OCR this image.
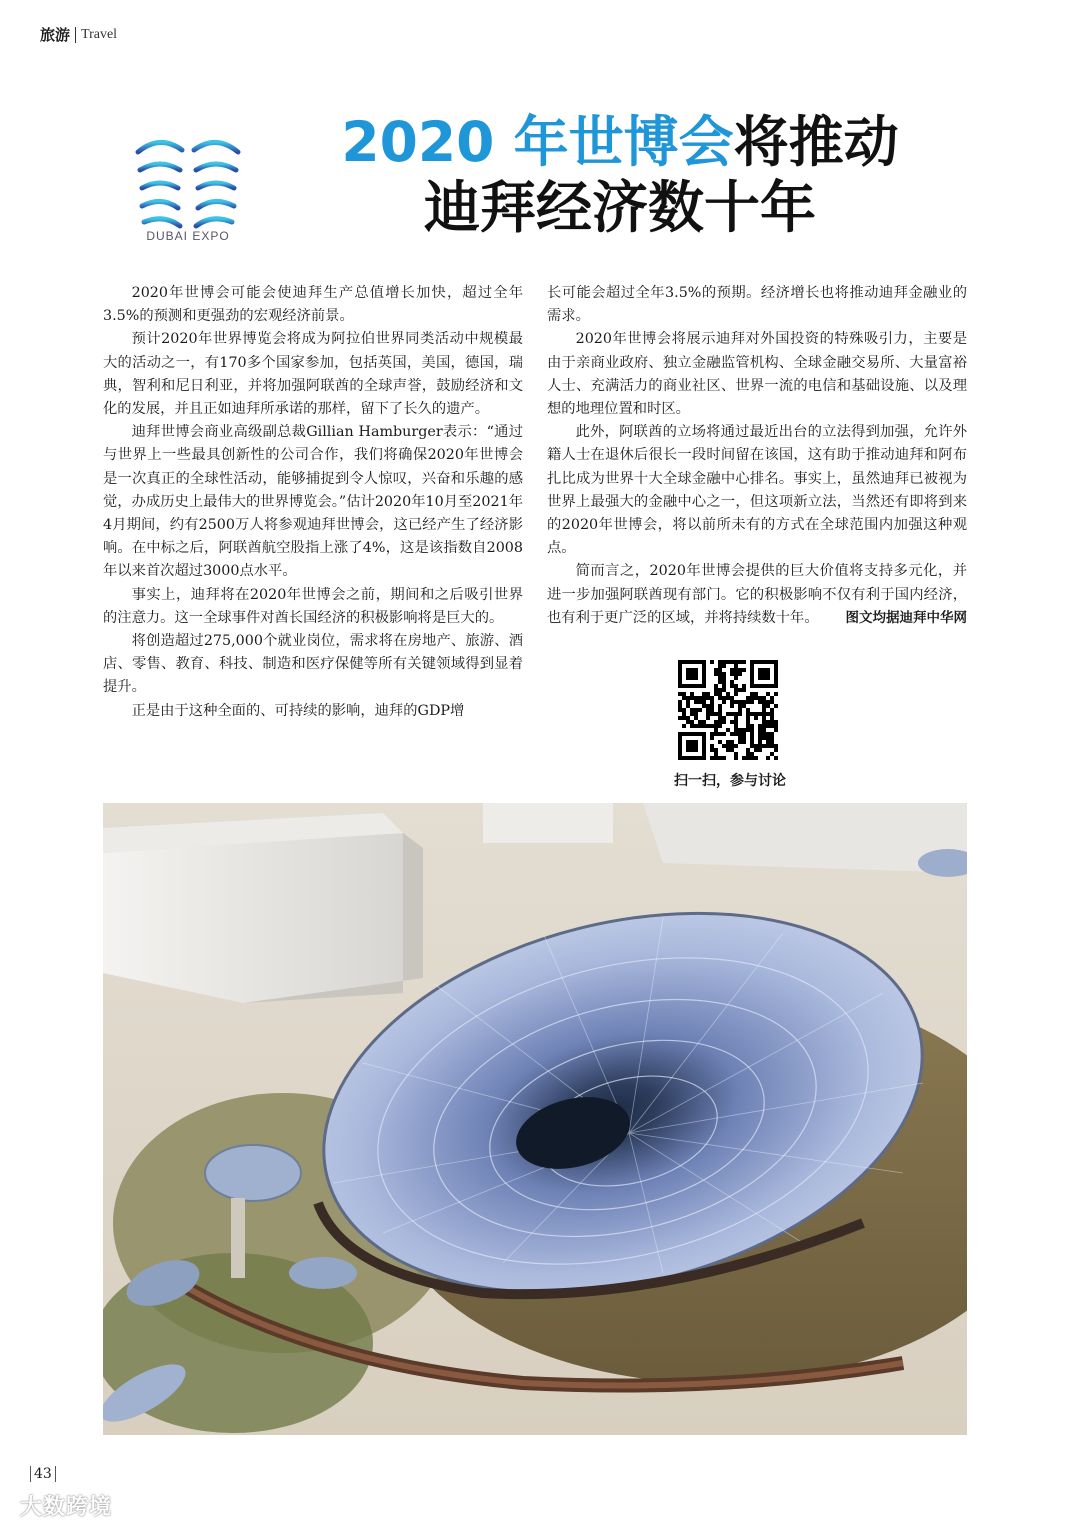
旅游 Travel
DUBAI EXPO
2020 年世博会将推动
迪拜经济数十年

2020年世博会可能会使迪拜生产总值增长加快，超过全年3.5%的预测和更强劲的宏观经济前景。

预计2020年世界博览会将成为阿拉伯世界同类活动中规模最大的活动之一，有170多个国家参加，包括英国，美国，德国，瑞典，智利和尼日利亚，并将加强阿联酋的全球声誉，鼓励经济和文化的发展，并且正如迪拜所承诺的那样，留下了长久的遗产。

迪拜世博会商业高级副总裁Gillian Hamburger表示：“通过与世界上一些最具创新性的公司合作，我们将确保2020年世博会是一次真正的全球性活动，能够捕捉到令人惊叹，兴奋和乐趣的感觉，办成历史上最伟大的世界博览会。”估计2020年10月至2021年4月期间，约有2500万人将参观迪拜世博会，这已经产生了经济影响。在中标之后，阿联酋航空股指上涨了4%，这是该指数自2008年以来首次超过3000点水平。

事实上，迪拜将在2020年世博会之前，期间和之后吸引世界的注意力。这一全球事件对酋长国经济的积极影响将是巨大的。

将创造超过275,000个就业岗位，需求将在房地产、旅游、酒店、零售、教育、科技、制造和医疗保健等所有关键领域得到显着提升。

正是由于这种全面的、可持续的影响，迪拜的GDP增

长可能会超过全年3.5%的预期。经济增长也将推动迪拜金融业的需求。

2020年世博会将展示迪拜对外国投资的特殊吸引力，主要是由于亲商业政府、独立金融监管机构、全球金融交易所、大量富裕人士、充满活力的商业社区、世界一流的电信和基础设施、以及理想的地理位置和时区。

此外，阿联酋的立场将通过最近出台的立法得到加强，允许外籍人士在退休后很长一段时间留在该国，这有助于推动迪拜和阿布扎比成为世界十大全球金融中心排名。事实上，虽然迪拜已被视为世界上最强大的金融中心之一，但这项新立法，当然还有即将到来的2020年世博会，将以前所未有的方式在全球范围内加强这种观点。

简而言之，2020年世博会提供的巨大价值将支持多元化，并进一步加强阿联酋现有部门。它的积极影响不仅有利于国内经济，也有利于更广泛的区域，并将持续数十年。	图文均据迪拜中华网
扫一扫，参与讨论
43
大数跨境
